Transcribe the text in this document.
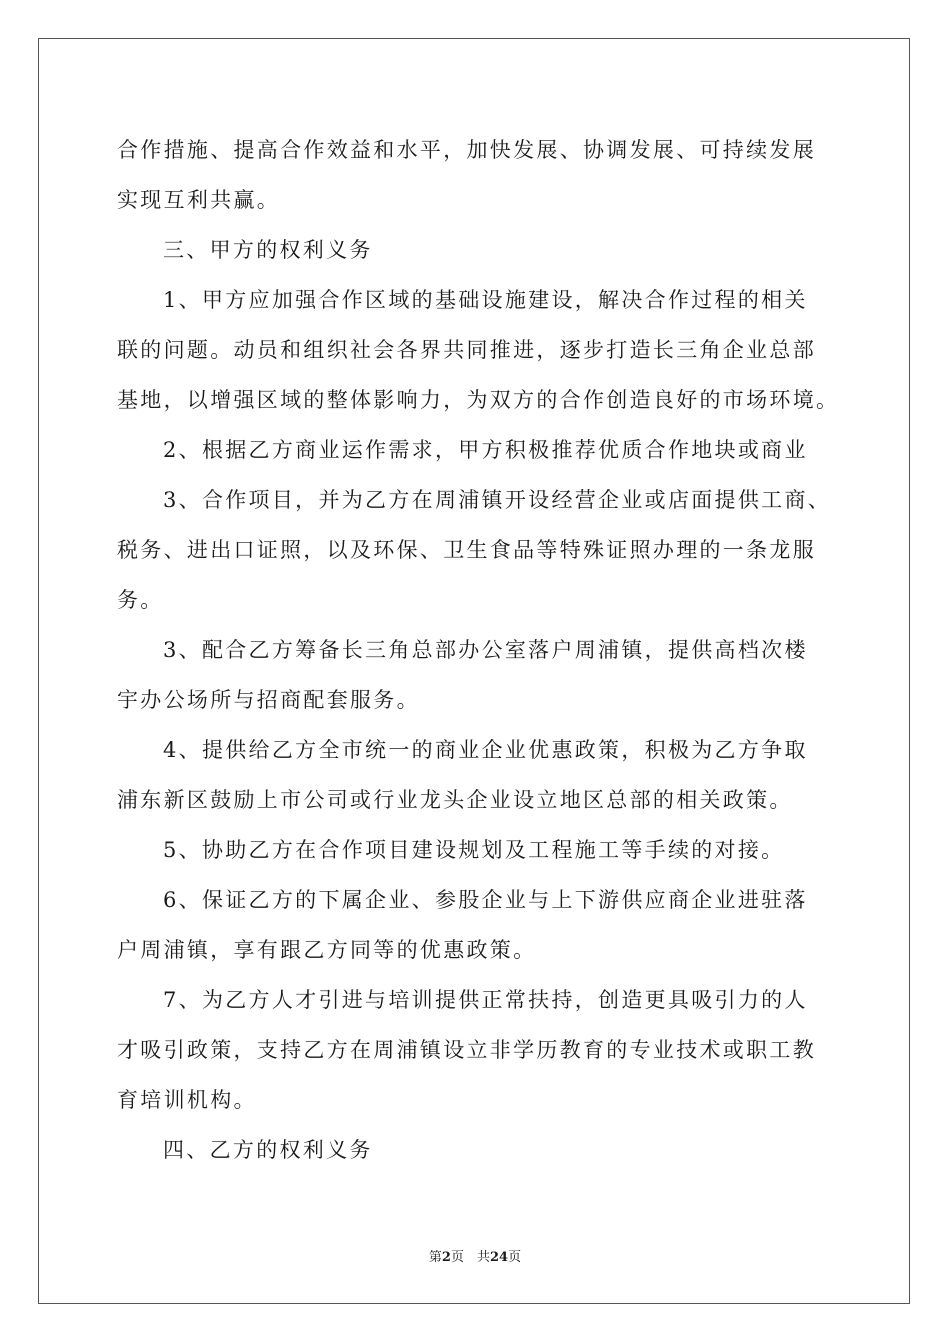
合作措施、提高合作效益和水平，加快发展、协调发展、可持续发展
实现互利共赢。
三、甲方的权利义务
1、甲方应加强合作区域的基础设施建设，解决合作过程的相关
联的问题。动员和组织社会各界共同推进，逐步打造长三角企业总部
基地，以增强区域的整体影响力，为双方的合作创造良好的市场环境。
2、根据乙方商业运作需求，甲方积极推荐优质合作地块或商业
3、合作项目，并为乙方在周浦镇开设经营企业或店面提供工商、
税务、进出口证照，以及环保、卫生食品等特殊证照办理的一条龙服
务。
3、配合乙方筹备长三角总部办公室落户周浦镇，提供高档次楼
宇办公场所与招商配套服务。
4、提供给乙方全市统一的商业企业优惠政策，积极为乙方争取
浦东新区鼓励上市公司或行业龙头企业设立地区总部的相关政策。
5、协助乙方在合作项目建设规划及工程施工等手续的对接。
6、保证乙方的下属企业、参股企业与上下游供应商企业进驻落
户周浦镇，享有跟乙方同等的优惠政策。
7、为乙方人才引进与培训提供正常扶持，创造更具吸引力的人
才吸引政策，支持乙方在周浦镇设立非学历教育的专业技术或职工教
育培训机构。
四、乙方的权利义务
第2页　共24页
